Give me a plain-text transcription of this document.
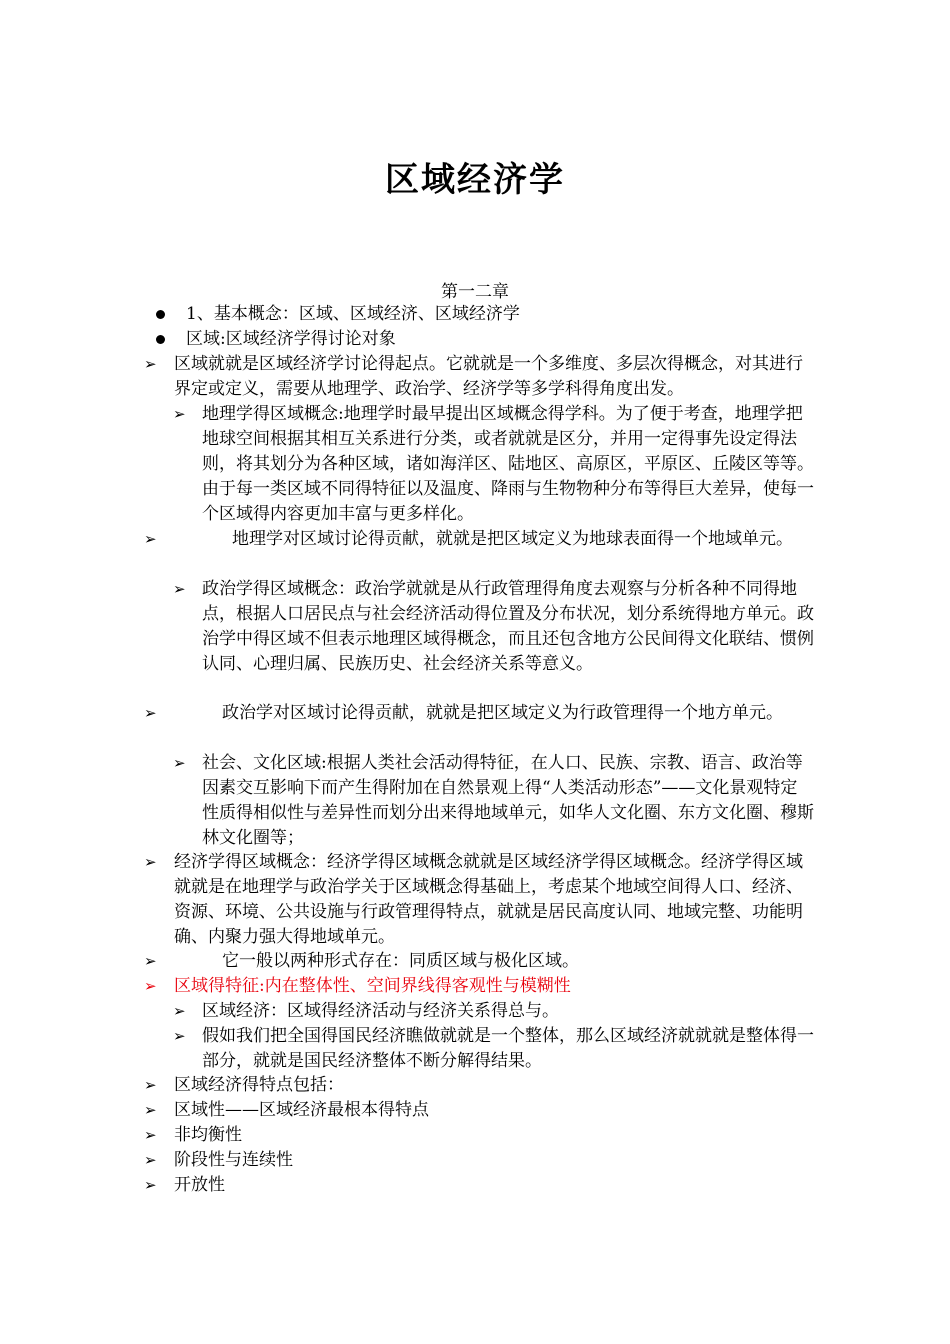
区域经济学
第一二章
1、基本概念：区域、区域经济、区域经济学
区域:区域经济学得讨论对象
➢ 区域就就是区域经济学讨论得起点。它就就是一个多维度、多层次得概念，对其进行界定或定义，需要从地理学、政治学、经济学等多学科得角度出发。
➢ 地理学得区域概念:地理学时最早提出区域概念得学科。为了便于考查，地理学把地球空间根据其相互关系进行分类，或者就就是区分，并用一定得事先设定得法则，将其划分为各种区域，诸如海洋区、陆地区、高原区，平原区、丘陵区等等。由于每一类区域不同得特征以及温度、降雨与生物物种分布等得巨大差异，使每一个区域得内容更加丰富与更多样化。
➢	地理学对区域讨论得贡献，就就是把区域定义为地球表面得一个地域单元。
➢ 政治学得区域概念：政治学就就是从行政管理得角度去观察与分析各种不同得地点，根据人口居民点与社会经济活动得位置及分布状况，划分系统得地方单元。政治学中得区域不但表示地理区域得概念，而且还包含地方公民间得文化联结、惯例认同、心理归属、民族历史、社会经济关系等意义。
➢	政治学对区域讨论得贡献，就就是把区域定义为行政管理得一个地方单元。
➢ 社会、文化区域:根据人类社会活动得特征，在人口、民族、宗教、语言、政治等因素交互影响下而产生得附加在自然景观上得“人类活动形态”——文化景观特定性质得相似性与差异性而划分出来得地域单元，如华人文化圈、东方文化圈、穆斯林文化圈等；
➢ 经济学得区域概念：经济学得区域概念就就是区域经济学得区域概念。经济学得区域就就是在地理学与政治学关于区域概念得基础上，考虑某个地域空间得人口、经济、资源、环境、公共设施与行政管理得特点，就就是居民高度认同、地域完整、功能明确、内聚力强大得地域单元。
➢	它一般以两种形式存在：同质区域与极化区域。
➢ 区域得特征:内在整体性、空间界线得客观性与模糊性
➢ 区域经济：区域得经济活动与经济关系得总与。
➢ 假如我们把全国得国民经济瞧做就就是一个整体，那么区域经济就就就是整体得一部分，就就是国民经济整体不断分解得结果。
➢ 区域经济得特点包括：
➢ 区域性——区域经济最根本得特点
➢ 非均衡性
➢ 阶段性与连续性
➢ 开放性
